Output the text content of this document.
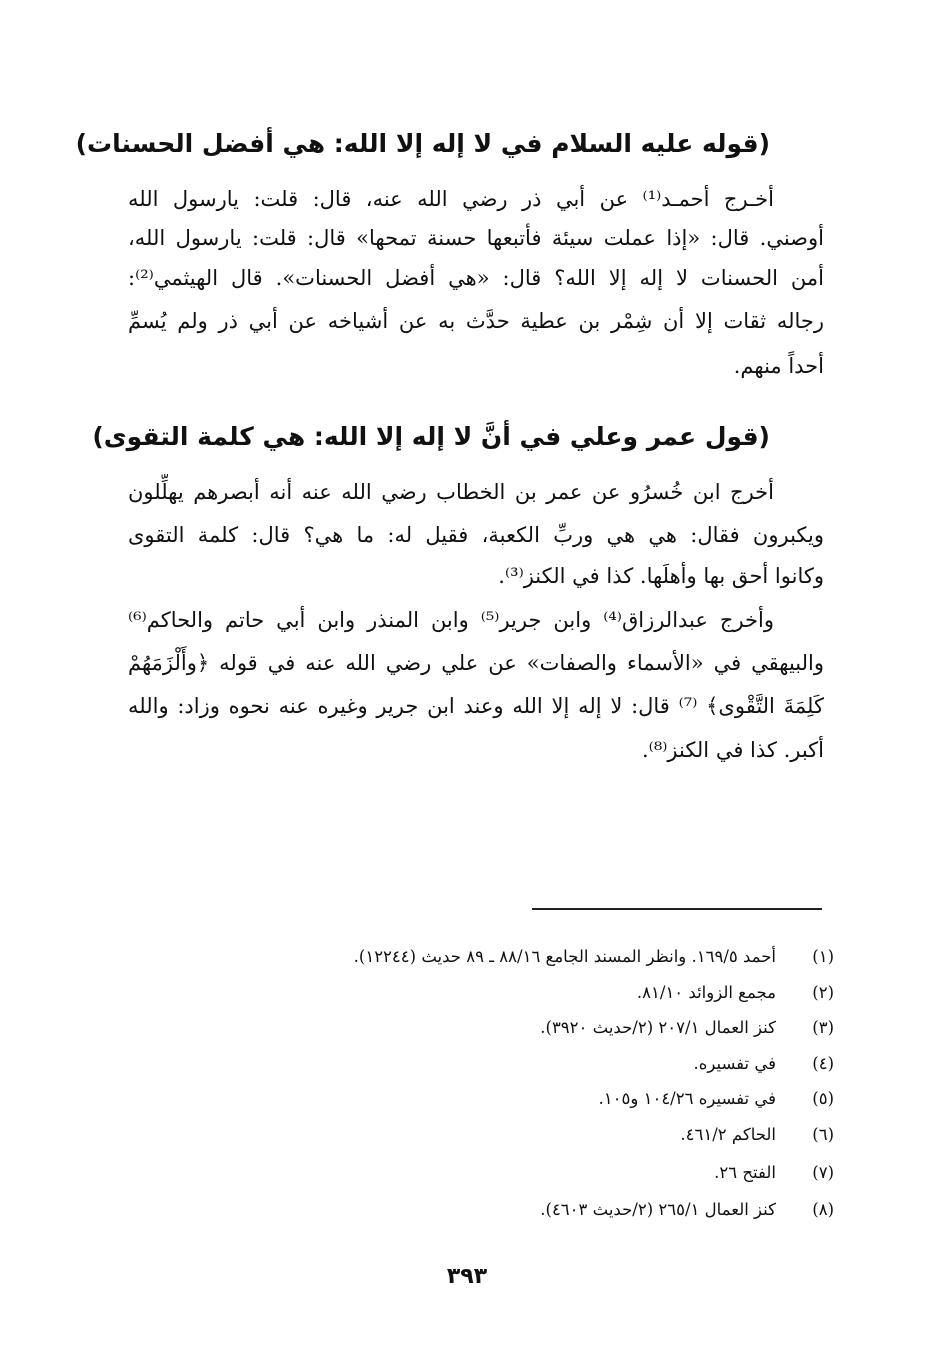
(قوله عليه السلام في لا إله إلا الله: هي أفضل الحسنات)
أخـرج أحمـد⁽¹⁾ عن أبي ذر رضي الله عنه، قال: قلت: يارسول الله
أوصني. قال: «إذا عملت سيئة فأتبعها حسنة تمحها» قال: قلت: يارسول الله،
أمن الحسنات لا إله إلا الله؟ قال: «هي أفضل الحسنات». قال الهيثمي⁽²⁾:
رجاله ثقات إلا أن شِمْر بن عطية حدَّث به عن أشياخه عن أبي ذر ولم يُسمِّ
أحداً منهم.
(قول عمر وعلي في أنَّ لا إله إلا الله: هي كلمة التقوى)
أخرج ابن خُسرُو عن عمر بن الخطاب رضي الله عنه أنه أبصرهم يهلِّلون
ويكبرون فقال: هي هي وربِّ الكعبة، فقيل له: ما هي؟ قال: كلمة التقوى
وكانوا أحق بها وأهلَها. كذا في الكنز⁽³⁾.
وأخرج عبدالرزاق⁽⁴⁾ وابن جرير⁽⁵⁾ وابن المنذر وابن أبي حاتم والحاكم⁽⁶⁾
والبيهقي في «الأسماء والصفات» عن علي رضي الله عنه في قوله ﴿وأَلْزَمَهُمْ
كَلِمَةَ التَّقْوى﴾ ⁽⁷⁾ قال: لا إله إلا الله وعند ابن جرير وغيره عنه نحوه وزاد: والله
أكبر. كذا في الكنز⁽⁸⁾.
(١)
أحمد ١٦٩/٥. وانظر المسند الجامع ٨٨/١٦ ـ ٨٩ حديث (١٢٢٤٤).
(٢)
مجمع الزوائد ٨١/١٠.
(٣)
كنز العمال ٢٠٧/١ (٢/حديث ٣٩٢٠).
(٤)
في تفسيره.
(٥)
في تفسيره ١٠٤/٢٦ و١٠٥.
(٦)
الحاكم ٤٦١/٢.
(٧)
الفتح ٢٦.
(٨)
كنز العمال ٢٦٥/١ (٢/حديث ٤٦٠٣).
٣٩٣
